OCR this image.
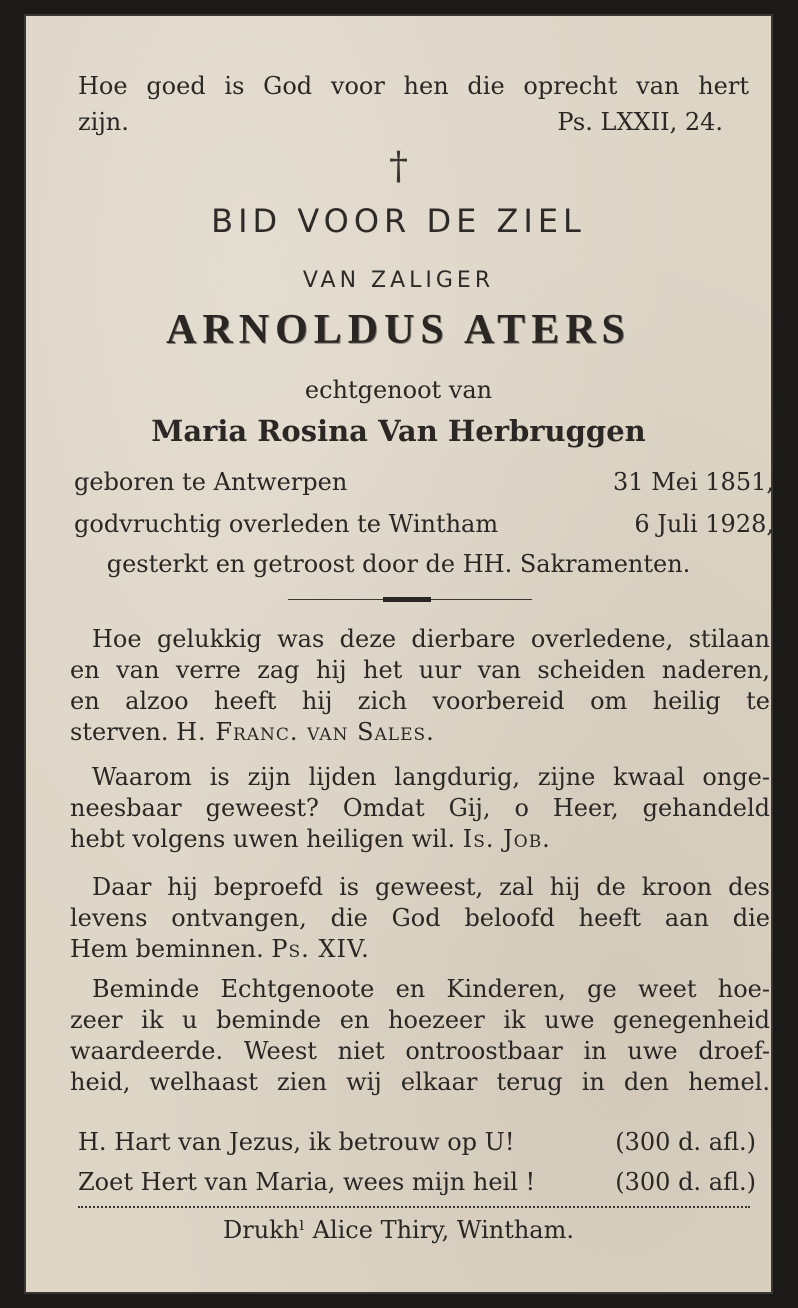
Hoe goed is God voor hen die oprecht van hert
zijn.	Ps. LXXII, 24.
†
BID VOOR DE ZIEL
VAN ZALIGER
ARNOLDUS ATERS
echtgenoot van
Maria Rosina Van Herbruggen
geboren te Antwerpen	31 Mei 1851,
godvruchtig overleden te Wintham	6 Juli 1928,
gesterkt en getroost door de HH. Sakramenten.
Hoe gelukkig was deze dierbare overledene, stilaan
en van verre zag hij het uur van scheiden naderen,
en alzoo heeft hij zich voorbereid om heilig te
sterven. H. Franc. van Sales.
Waarom is zijn lijden langdurig, zijne kwaal onge-
neesbaar geweest? Omdat Gij, o Heer, gehandeld
hebt volgens uwen heiligen wil. Is. Job.
Daar hij beproefd is geweest, zal hij de kroon des
levens ontvangen, die God beloofd heeft aan die
Hem beminnen. Ps. XIV.
Beminde Echtgenoote en Kinderen, ge weet hoe-
zeer ik u beminde en hoezeer ik uwe genegenheid
waardeerde. Weest niet ontroostbaar in uwe droef-
heid, welhaast zien wij elkaar terug in den hemel.
H. Hart van Jezus, ik betrouw op U!	(300 d. afl.)
Zoet Hert van Maria, wees mijn heil !	(300 d. afl.)
Drukhˡ Alice Thiry, Wintham.
